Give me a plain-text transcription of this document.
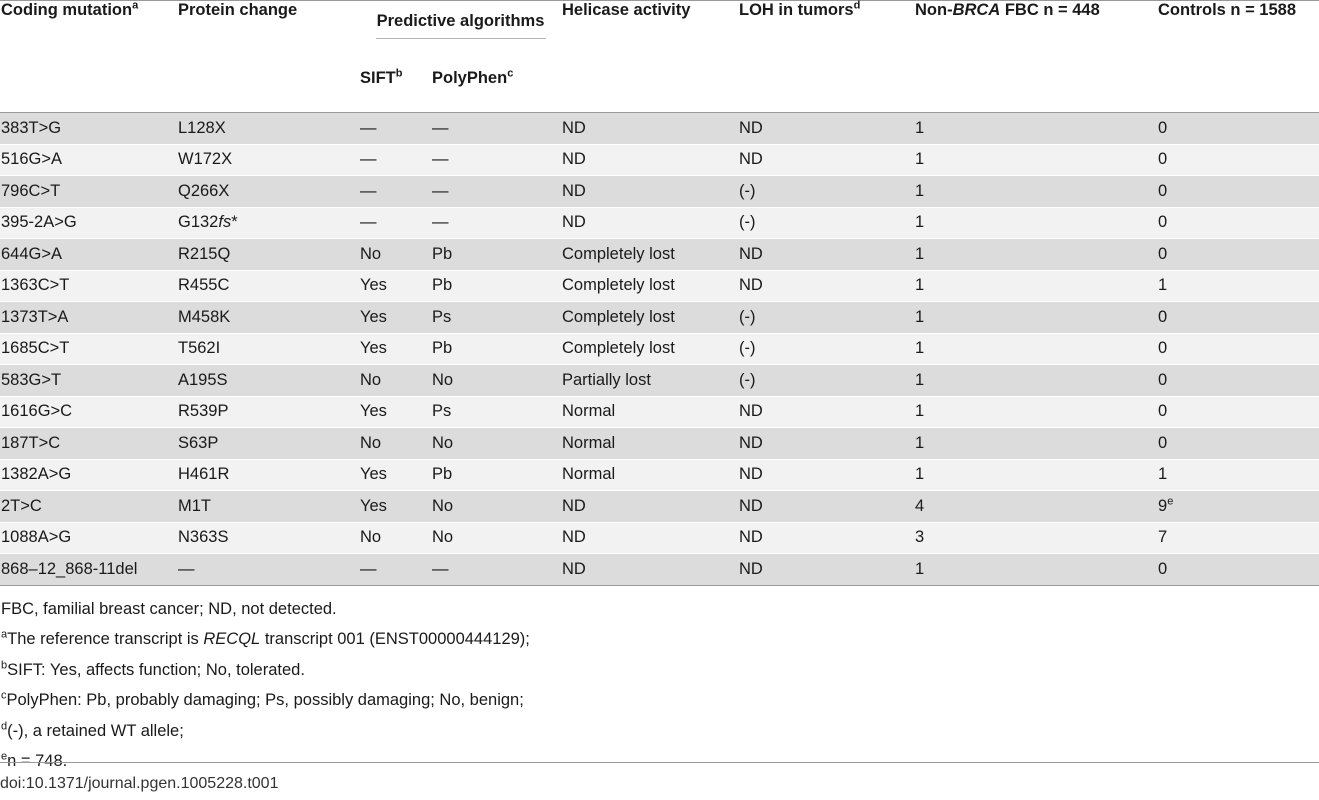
Coding mutation$^a$	Protein change	Predictive algorithms		Helicase activity	LOH in tumors$^d$	Non-BRCA FBC n = 448	Controls n = 1588
		SIFT$^b$	PolyPhen$^c$
383T>G	L128X	—	—	ND	ND	1	0
516G>A	W172X	—	—	ND	ND	1	0
796C>T	Q266X	—	—	ND	(-)	1	0
395-2A>G	G132fs*	—	—	ND	(-)	1	0
644G>A	R215Q	No	Pb	Completely lost	ND	1	0
1363C>T	R455C	Yes	Pb	Completely lost	ND	1	1
1373T>A	M458K	Yes	Ps	Completely lost	(-)	1	0
1685C>T	T562I	Yes	Pb	Completely lost	(-)	1	0
583G>T	A195S	No	No	Partially lost	(-)	1	0
1616G>C	R539P	Yes	Ps	Normal	ND	1	0
187T>C	S63P	No	No	Normal	ND	1	0
1382A>G	H461R	Yes	Pb	Normal	ND	1	1
2T>C	M1T	Yes	No	ND	ND	4	9e
1088A>G	N363S	No	No	ND	ND	3	7
868–12_868-11del	—	—	—	ND	ND	1	0
FBC, familial breast cancer; ND, not detected.
$^a$The reference transcript is RECQL transcript 001 (ENST00000444129);
$^b$SIFT: Yes, affects function; No, tolerated.
$^c$PolyPhen: Pb, probably damaging; Ps, possibly damaging; No, benign;
$^d$(-), a retained WT allele;
$^e$n = 748.
doi:10.1371/journal.pgen.1005228.t001
